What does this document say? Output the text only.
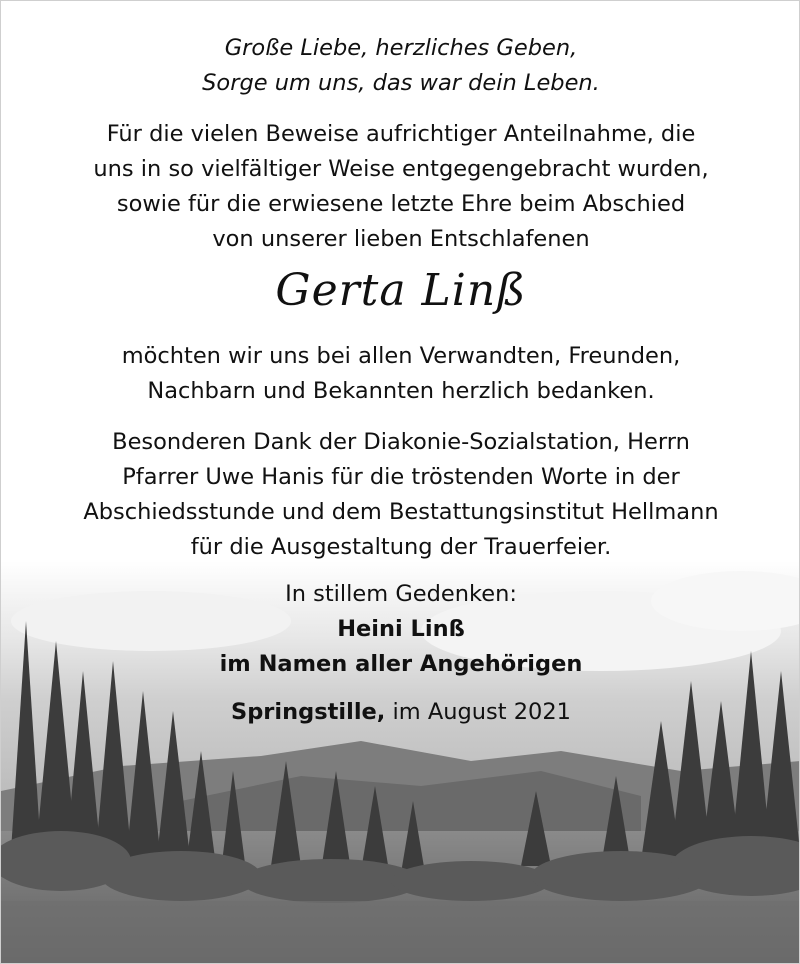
Große Liebe, herzliches Geben,
Sorge um uns, das war dein Leben.
Für die vielen Beweise aufrichtiger Anteilnahme, die
uns in so vielfältiger Weise entgegengebracht wurden,
sowie für die erwiesene letzte Ehre beim Abschied
von unserer lieben Entschlafenen
Gerta Linß
möchten wir uns bei allen Verwandten, Freunden,
Nachbarn und Bekannten herzlich bedanken.
Besonderen Dank der Diakonie-Sozialstation, Herrn
Pfarrer Uwe Hanis für die tröstenden Worte in der
Abschiedsstunde und dem Bestattungsinstitut Hellmann
für die Ausgestaltung der Trauerfeier.
In stillem Gedenken:
Heini Linß
im Namen aller Angehörigen
Springstille, im August 2021
